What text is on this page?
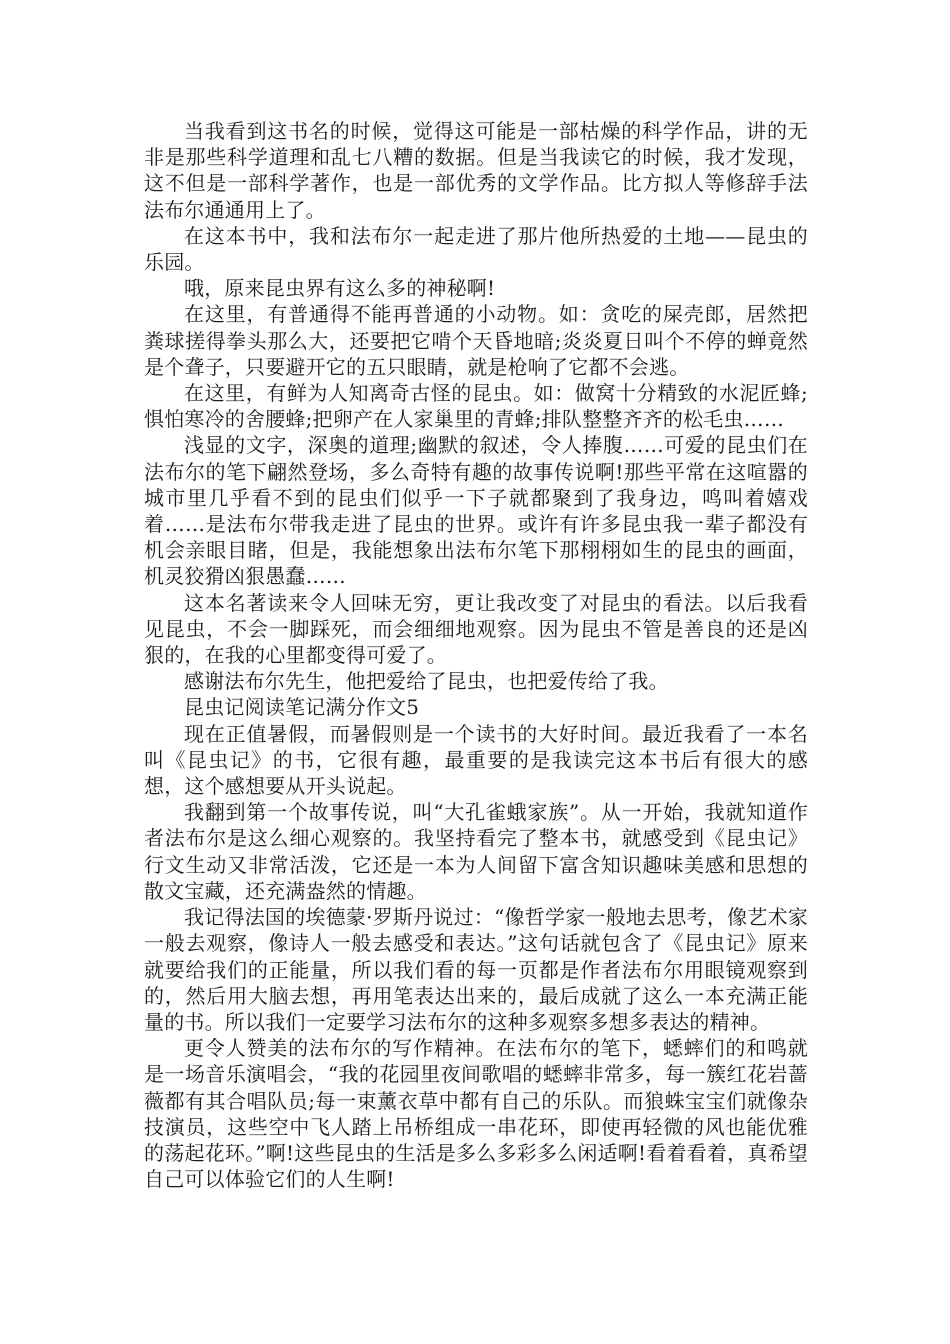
当我看到这书名的时候，觉得这可能是一部枯燥的科学作品，讲的无非是那些科学道理和乱七八糟的数据。但是当我读它的时候，我才发现，这不但是一部科学著作，也是一部优秀的文学作品。比方拟人等修辞手法法布尔通通用上了。

在这本书中，我和法布尔一起走进了那片他所热爱的土地——昆虫的乐园。

哦，原来昆虫界有这么多的神秘啊!

在这里，有普通得不能再普通的小动物。如：贪吃的屎壳郎，居然把粪球搓得拳头那么大，还要把它啃个天昏地暗;炎炎夏日叫个不停的蝉竟然是个聋子，只要避开它的五只眼睛，就是枪响了它都不会逃。

在这里，有鲜为人知离奇古怪的昆虫。如：做窝十分精致的水泥匠蜂;惧怕寒冷的舍腰蜂;把卵产在人家巢里的青蜂;排队整整齐齐的松毛虫……

浅显的文字，深奥的道理;幽默的叙述，令人捧腹……可爱的昆虫们在法布尔的笔下翩然登场，多么奇特有趣的故事传说啊!那些平常在这喧嚣的城市里几乎看不到的昆虫们似乎一下子就都聚到了我身边，鸣叫着嬉戏着……是法布尔带我走进了昆虫的世界。或许有许多昆虫我一辈子都没有机会亲眼目睹，但是，我能想象出法布尔笔下那栩栩如生的昆虫的画面，机灵狡猾凶狠愚蠢……

这本名著读来令人回味无穷，更让我改变了对昆虫的看法。以后我看见昆虫，不会一脚踩死，而会细细地观察。因为昆虫不管是善良的还是凶狠的，在我的心里都变得可爱了。

感谢法布尔先生，他把爱给了昆虫，也把爱传给了我。

昆虫记阅读笔记满分作文5

现在正值暑假，而暑假则是一个读书的大好时间。最近我看了一本名叫《昆虫记》的书，它很有趣，最重要的是我读完这本书后有很大的感想，这个感想要从开头说起。

我翻到第一个故事传说，叫“大孔雀蛾家族”。从一开始，我就知道作者法布尔是这么细心观察的。我坚持看完了整本书，就感受到《昆虫记》行文生动又非常活泼，它还是一本为人间留下富含知识趣味美感和思想的散文宝藏，还充满盎然的情趣。

我记得法国的埃德蒙·罗斯丹说过：“像哲学家一般地去思考，像艺术家一般去观察，像诗人一般去感受和表达。”这句话就包含了《昆虫记》原来就要给我们的正能量，所以我们看的每一页都是作者法布尔用眼镜观察到的，然后用大脑去想，再用笔表达出来的，最后成就了这么一本充满正能量的书。所以我们一定要学习法布尔的这种多观察多想多表达的精神。

更令人赞美的法布尔的写作精神。在法布尔的笔下，蟋蟀们的和鸣就是一场音乐演唱会，“我的花园里夜间歌唱的蟋蟀非常多，每一簇红花岩蔷薇都有其合唱队员;每一束薰衣草中都有自己的乐队。而狼蛛宝宝们就像杂技演员，这些空中飞人踏上吊桥组成一串花环，即使再轻微的风也能优雅的荡起花环。”啊!这些昆虫的生活是多么多彩多么闲适啊!看着看着，真希望自己可以体验它们的人生啊!
